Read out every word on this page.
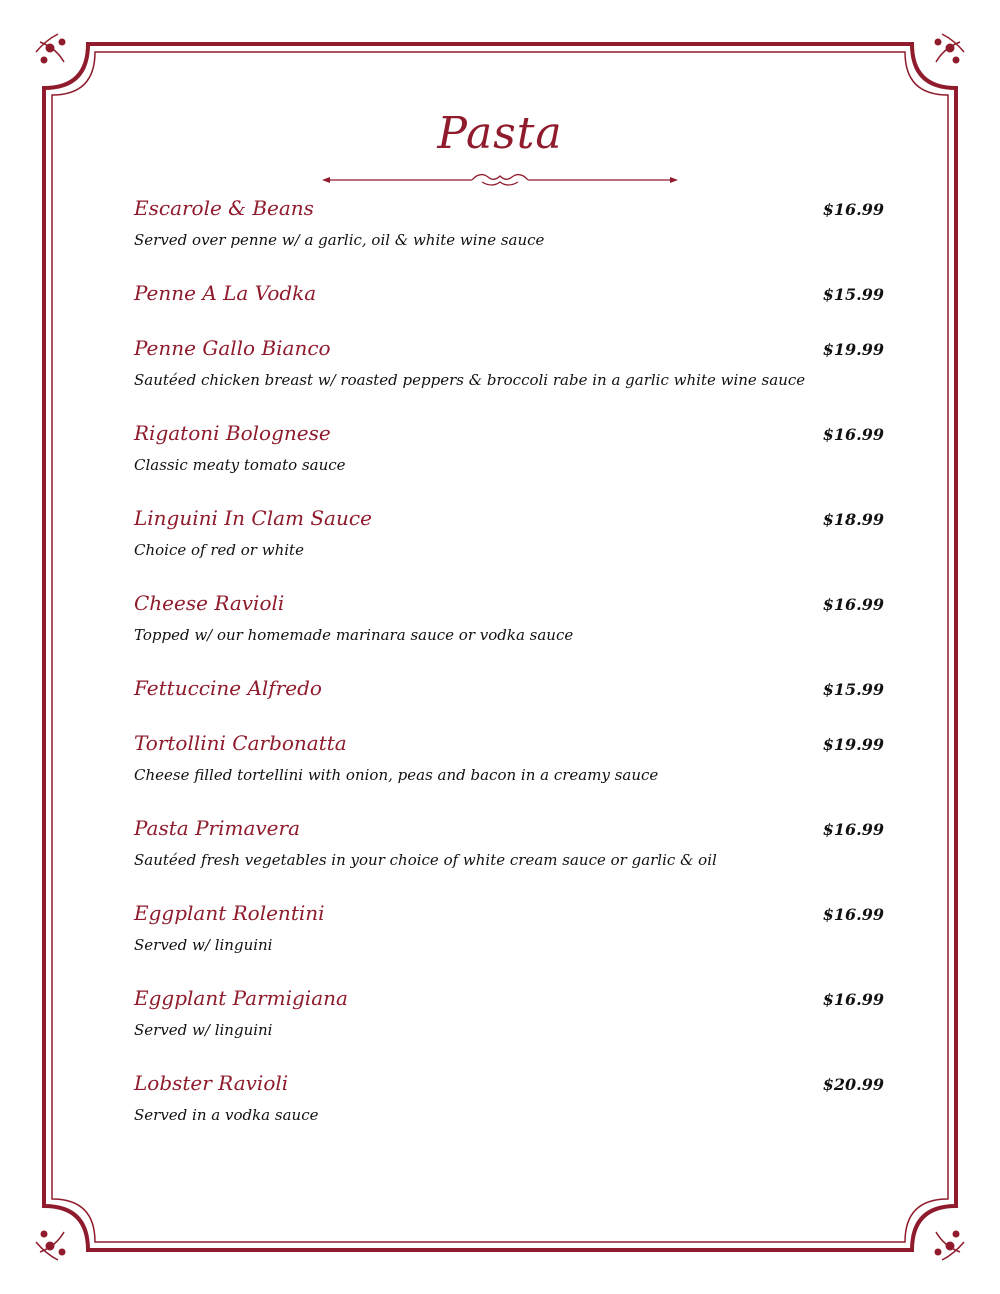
Pasta
Escarole & Beans	$16.99
Served over penne w/ a garlic, oil & white wine sauce
Penne A La Vodka	$15.99
Penne Gallo Bianco	$19.99
Sautéed chicken breast w/ roasted peppers & broccoli rabe in a garlic white wine sauce
Rigatoni Bolognese	$16.99
Classic meaty tomato sauce
Linguini In Clam Sauce	$18.99
Choice of red or white
Cheese Ravioli	$16.99
Topped w/ our homemade marinara sauce or vodka sauce
Fettuccine Alfredo	$15.99
Tortollini Carbonatta	$19.99
Cheese filled tortellini with onion, peas and bacon in a creamy sauce
Pasta Primavera	$16.99
Sautéed fresh vegetables in your choice of white cream sauce or garlic & oil
Eggplant Rolentini	$16.99
Served w/ linguini
Eggplant Parmigiana	$16.99
Served w/ linguini
Lobster Ravioli	$20.99
Served in a vodka sauce
